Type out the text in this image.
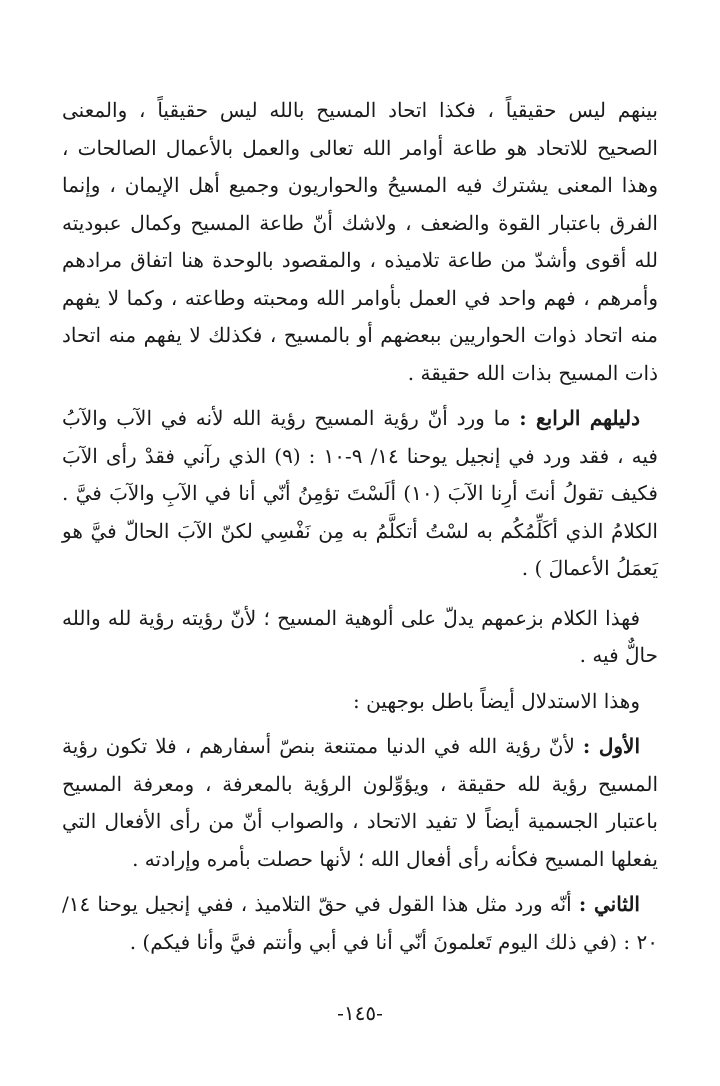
بينهم ليس حقيقياً ، فكذا اتحاد المسيح بالله ليس حقيقياً ، والمعنى الصحيح للاتحاد هو طاعة أوامر الله تعالى والعمل بالأعمال الصالحات ، وهذا المعنى يشترك فيه المسيحُ والحواريون وجميع أهل الإيمان ، وإنما الفرق باعتبار القوة والضعف ، ولاشك أنّ طاعة المسيح وكمال عبوديته لله أقوى وأشدّ من طاعة تلاميذه ، والمقصود بالوحدة هنا اتفاق مرادهم وأمرهم ، فهم واحد في العمل بأوامر الله ومحبته وطاعته ، وكما لا يفهم منه اتحاد ذوات الحواريين ببعضهم أو بالمسيح ، فكذلك لا يفهم منه اتحاد ذات المسيح بذات الله حقيقة .

دليلهم الرابع : ما ورد أنّ رؤية المسيح رؤية الله لأنه في الآب والآبُ فيه ، فقد ورد في إنجيل يوحنا ١٤/ ٩-١٠ : (٩) الذي رآني فقدْ رأى الآبَ فكيف تقولُ أنتَ أرِنا الآبَ (١٠) ألَسْتَ تؤمِنُ أنّي أنا في الآبِ والآبَ فيَّ . الكلامُ الذي أكَلِّمُكُم به لسْتُ أتكلَّمُ به مِن نَفْسِي لكنّ الآبَ الحالّ فيَّ هو يَعمَلُ الأعمالَ ) .

فهذا الكلام بزعمهم يدلّ على ألوهية المسيح ؛ لأنّ رؤيته رؤية لله والله حالٌّ فيه .

وهذا الاستدلال أيضاً باطل بوجهين :

الأول : لأنّ رؤية الله في الدنيا ممتنعة بنصّ أسفارهم ، فلا تكون رؤية المسيح رؤية لله حقيقة ، ويؤوِّلون الرؤية بالمعرفة ، ومعرفة المسيح باعتبار الجسمية أيضاً لا تفيد الاتحاد ، والصواب أنّ من رأى الأفعال التي يفعلها المسيح فكأنه رأى أفعال الله ؛ لأنها حصلت بأمره وإرادته .

الثاني : أنّه ورد مثل هذا القول في حقّ التلاميذ ، ففي إنجيل يوحنا ١٤/ ٢٠ : (في ذلك اليوم تَعلمونَ أنّي أنا في أبي وأنتم فيَّ وأنا فيكم) .

-١٤٥-
